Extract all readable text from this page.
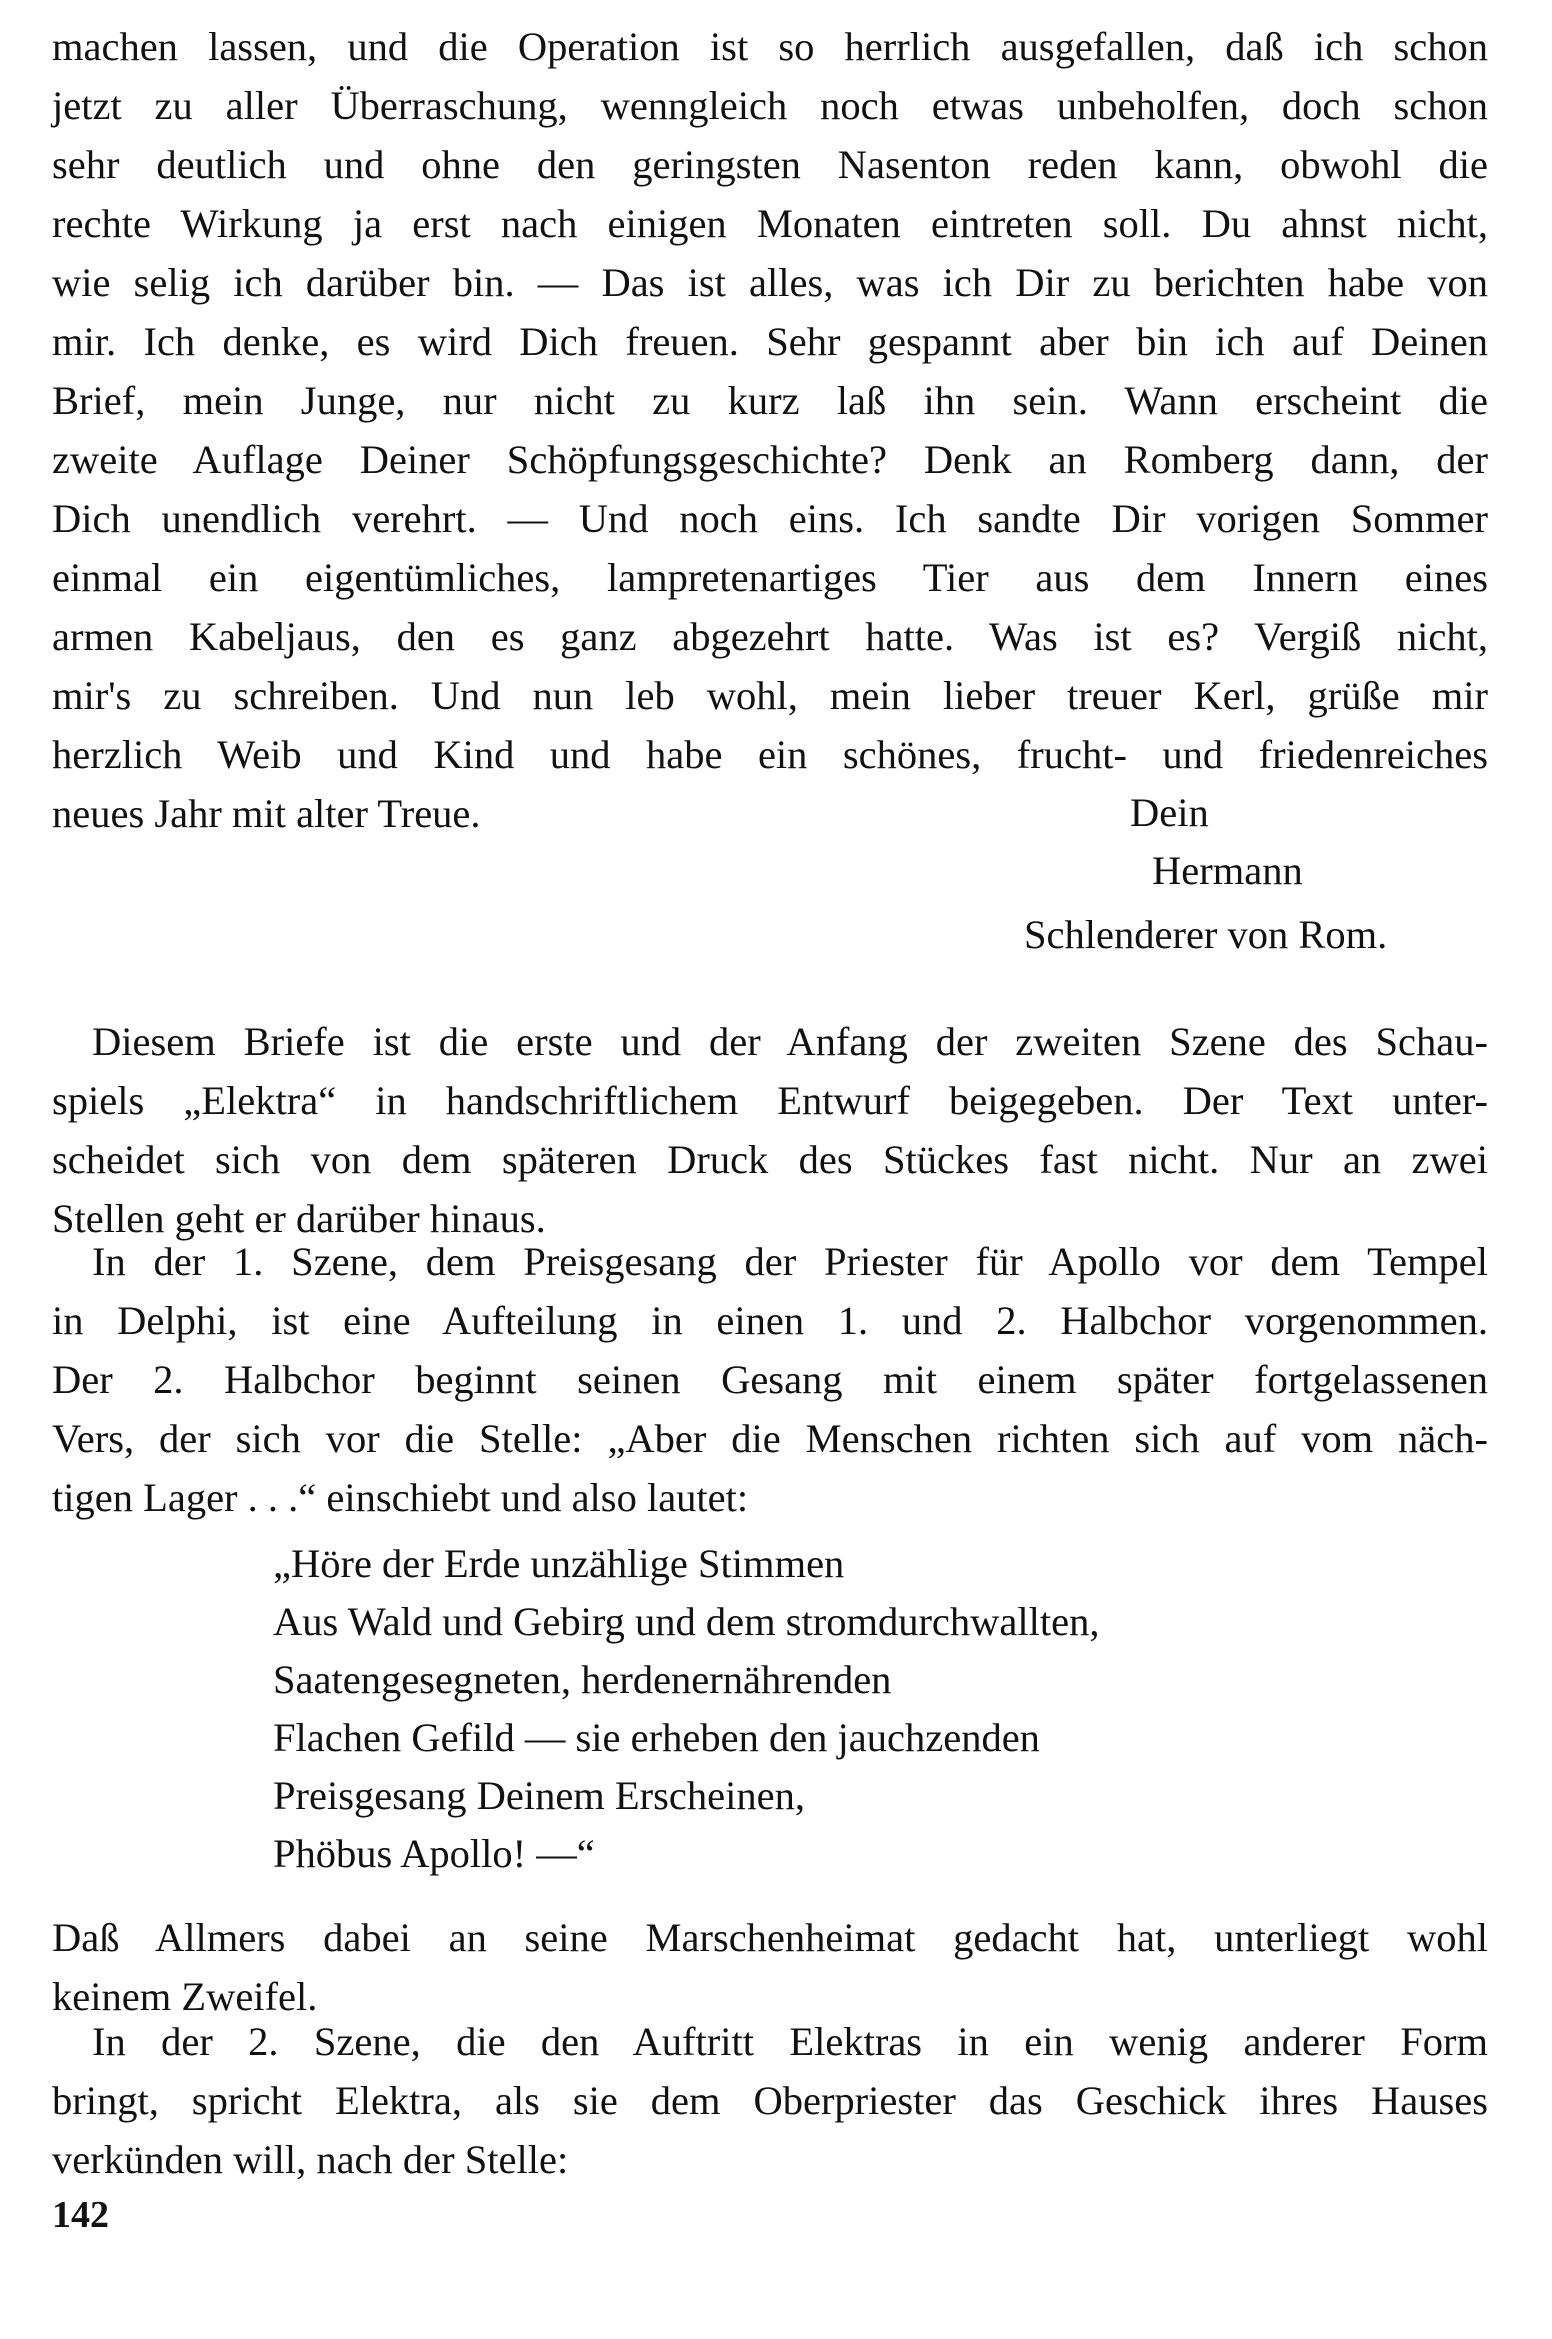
machen lassen, und die Operation ist so herrlich ausgefallen, daß ich schon
jetzt zu aller Überraschung, wenngleich noch etwas unbeholfen, doch schon
sehr deutlich und ohne den geringsten Nasenton reden kann, obwohl die
rechte Wirkung ja erst nach einigen Monaten eintreten soll. Du ahnst nicht,
wie selig ich darüber bin. — Das ist alles, was ich Dir zu berichten habe von
mir. Ich denke, es wird Dich freuen. Sehr gespannt aber bin ich auf Deinen
Brief, mein Junge, nur nicht zu kurz laß ihn sein. Wann erscheint die
zweite Auflage Deiner Schöpfungsgeschichte? Denk an Romberg dann, der
Dich unendlich verehrt. — Und noch eins. Ich sandte Dir vorigen Sommer
einmal ein eigentümliches, lampretenartiges Tier aus dem Innern eines
armen Kabeljaus, den es ganz abgezehrt hatte. Was ist es? Vergiß nicht,
mir's zu schreiben. Und nun leb wohl, mein lieber treuer Kerl, grüße mir
herzlich Weib und Kind und habe ein schönes, frucht- und friedenreiches
neues Jahr mit alter Treue.	Dein
Hermann
Schlenderer von Rom.
Diesem Briefe ist die erste und der Anfang der zweiten Szene des Schau-
spiels „Elektra“ in handschriftlichem Entwurf beigegeben. Der Text unter-
scheidet sich von dem späteren Druck des Stückes fast nicht. Nur an zwei
Stellen geht er darüber hinaus.
In der 1. Szene, dem Preisgesang der Priester für Apollo vor dem Tempel
in Delphi, ist eine Aufteilung in einen 1. und 2. Halbchor vorgenommen.
Der 2. Halbchor beginnt seinen Gesang mit einem später fortgelassenen
Vers, der sich vor die Stelle: „Aber die Menschen richten sich auf vom näch-
tigen Lager . . .“ einschiebt und also lautet:
„Höre der Erde unzählige Stimmen
Aus Wald und Gebirg und dem stromdurchwallten,
Saatengesegneten, herdenernährenden
Flachen Gefild — sie erheben den jauchzenden
Preisgesang Deinem Erscheinen,
Phöbus Apollo! —“
Daß Allmers dabei an seine Marschenheimat gedacht hat, unterliegt wohl
keinem Zweifel.
In der 2. Szene, die den Auftritt Elektras in ein wenig anderer Form
bringt, spricht Elektra, als sie dem Oberpriester das Geschick ihres Hauses
verkünden will, nach der Stelle:
142
